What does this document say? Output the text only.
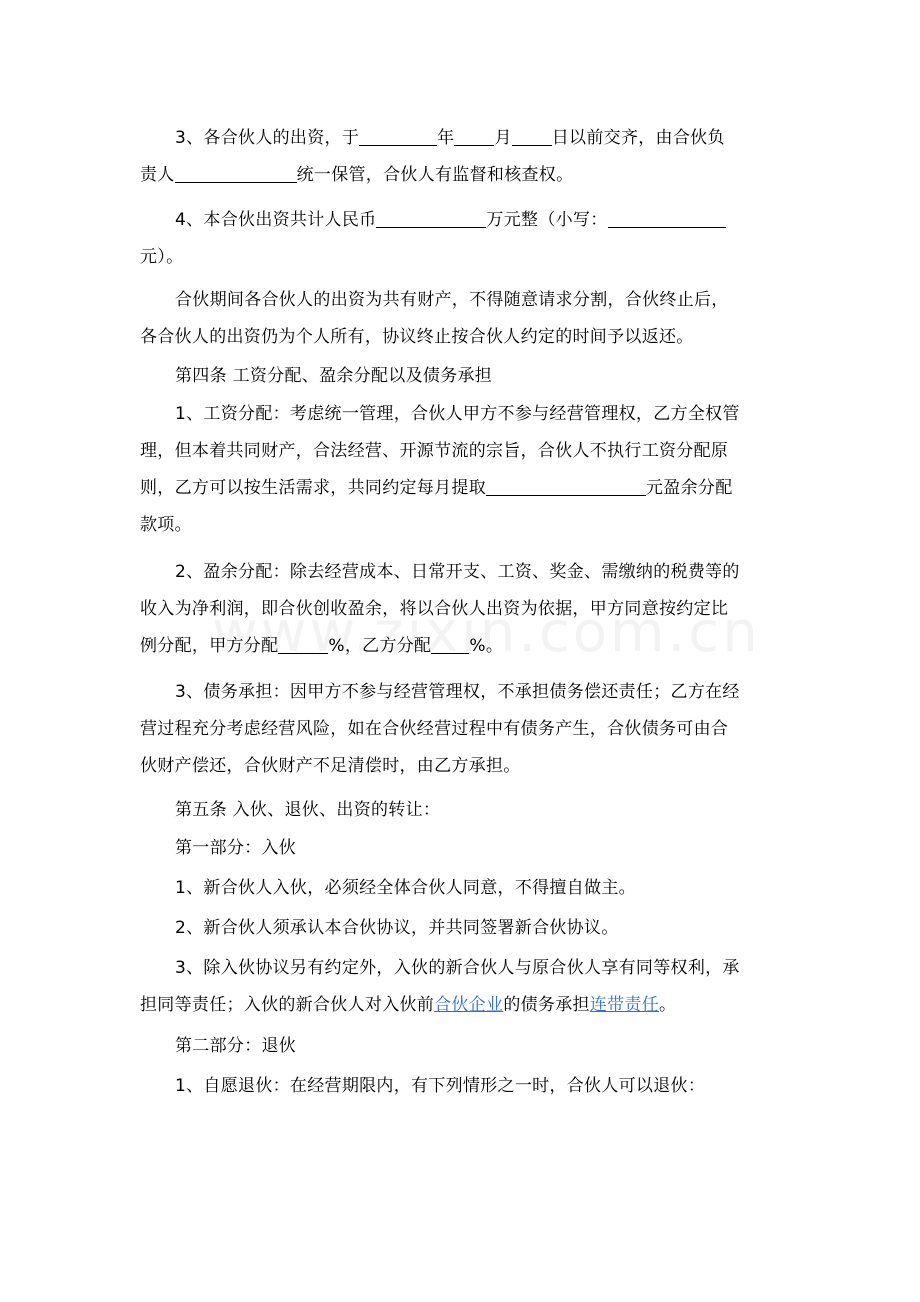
3、各合伙人的出资，于	年 月 日以前交齐，由合伙负
责人	统一保管，合伙人有监督和核查权。
4、本合伙出资共计人民币	万元整（小写：
元）。
合伙期间各合伙人的出资为共有财产，不得随意请求分割，合伙终止后，
各合伙人的出资仍为个人所有，协议终止按合伙人约定的时间予以返还。
第四条 工资分配、盈余分配以及债务承担
1、工资分配：考虑统一管理，合伙人甲方不参与经营管理权，乙方全权管
理，但本着共同财产，合法经营、开源节流的宗旨，合伙人不执行工资分配原
则，乙方可以按生活需求，共同约定每月提取	元盈余分配
款项。
2、盈余分配：除去经营成本、日常开支、工资、奖金、需缴纳的税费等的
收入为净利润，即合伙创收盈余，将以合伙人出资为依据，甲方同意按约定比
例分配，甲方分配	%，乙方分配 %。
3、债务承担：因甲方不参与经营管理权，不承担债务偿还责任；乙方在经
营过程充分考虑经营风险，如在合伙经营过程中有债务产生，合伙债务可由合
伙财产偿还，合伙财产不足清偿时，由乙方承担。
第五条 入伙、退伙、出资的转让：
第一部分：入伙
1、新合伙人入伙，必须经全体合伙人同意，不得擅自做主。
2、新合伙人须承认本合伙协议，并共同签署新合伙协议。
3、除入伙协议另有约定外，入伙的新合伙人与原合伙人享有同等权利，承
担同等责任；入伙的新合伙人对入伙前合伙企业的债务承担连带责任。
第二部分：退伙
1、自愿退伙：在经营期限内，有下列情形之一时，合伙人可以退伙：
